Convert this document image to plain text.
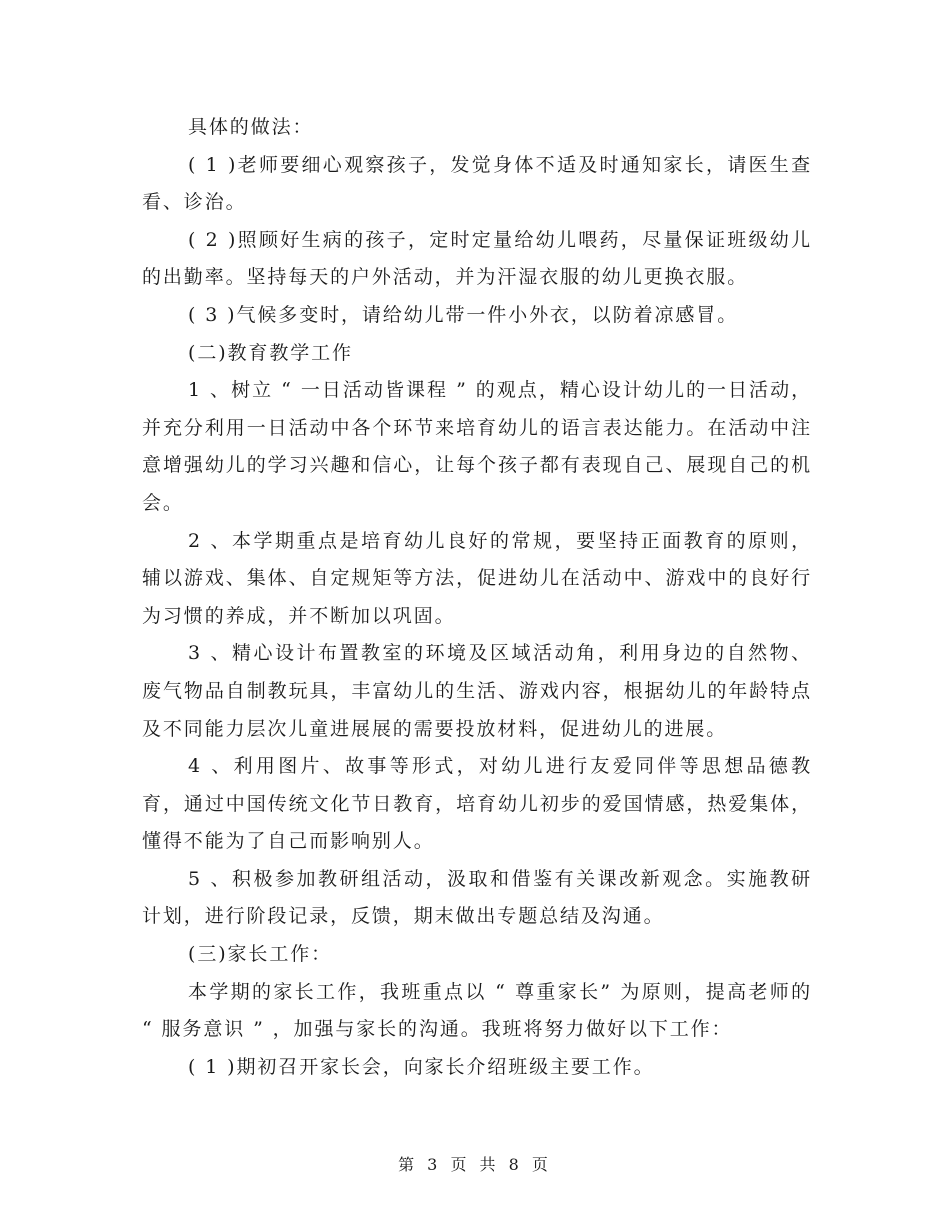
具体的做法：

( 1 )老师要细心观察孩子，发觉身体不适及时通知家长，请医生查看、诊治。

( 2 )照顾好生病的孩子，定时定量给幼儿喂药，尽量保证班级幼儿的出勤率。坚持每天的户外活动，并为汗湿衣服的幼儿更换衣服。

( 3 )气候多变时，请给幼儿带一件小外衣，以防着凉感冒。

(二)教育教学工作

1 、树立 “ 一日活动皆课程 ” 的观点，精心设计幼儿的一日活动，并充分利用一日活动中各个环节来培育幼儿的语言表达能力。在活动中注意增强幼儿的学习兴趣和信心，让每个孩子都有表现自己、展现自己的机会。

2 、本学期重点是培育幼儿良好的常规，要坚持正面教育的原则，辅以游戏、集体、自定规矩等方法，促进幼儿在活动中、游戏中的良好行为习惯的养成，并不断加以巩固。

3 、精心设计布置教室的环境及区域活动角，利用身边的自然物、废气物品自制教玩具，丰富幼儿的生活、游戏内容，根据幼儿的年龄特点及不同能力层次儿童进展展的需要投放材料，促进幼儿的进展。

4 、利用图片、故事等形式，对幼儿进行友爱同伴等思想品德教育，通过中国传统文化节日教育，培育幼儿初步的爱国情感，热爱集体，懂得不能为了自己而影响别人。

5 、积极参加教研组活动，汲取和借鉴有关课改新观念。实施教研计划，进行阶段记录，反馈，期末做出专题总结及沟通。

(三)家长工作：

本学期的家长工作，我班重点以 “ 尊重家长” 为原则，提高老师的 “ 服务意识 ” ，加强与家长的沟通。我班将努力做好以下工作：

( 1 )期初召开家长会，向家长介绍班级主要工作。

第 3 页 共 8 页
